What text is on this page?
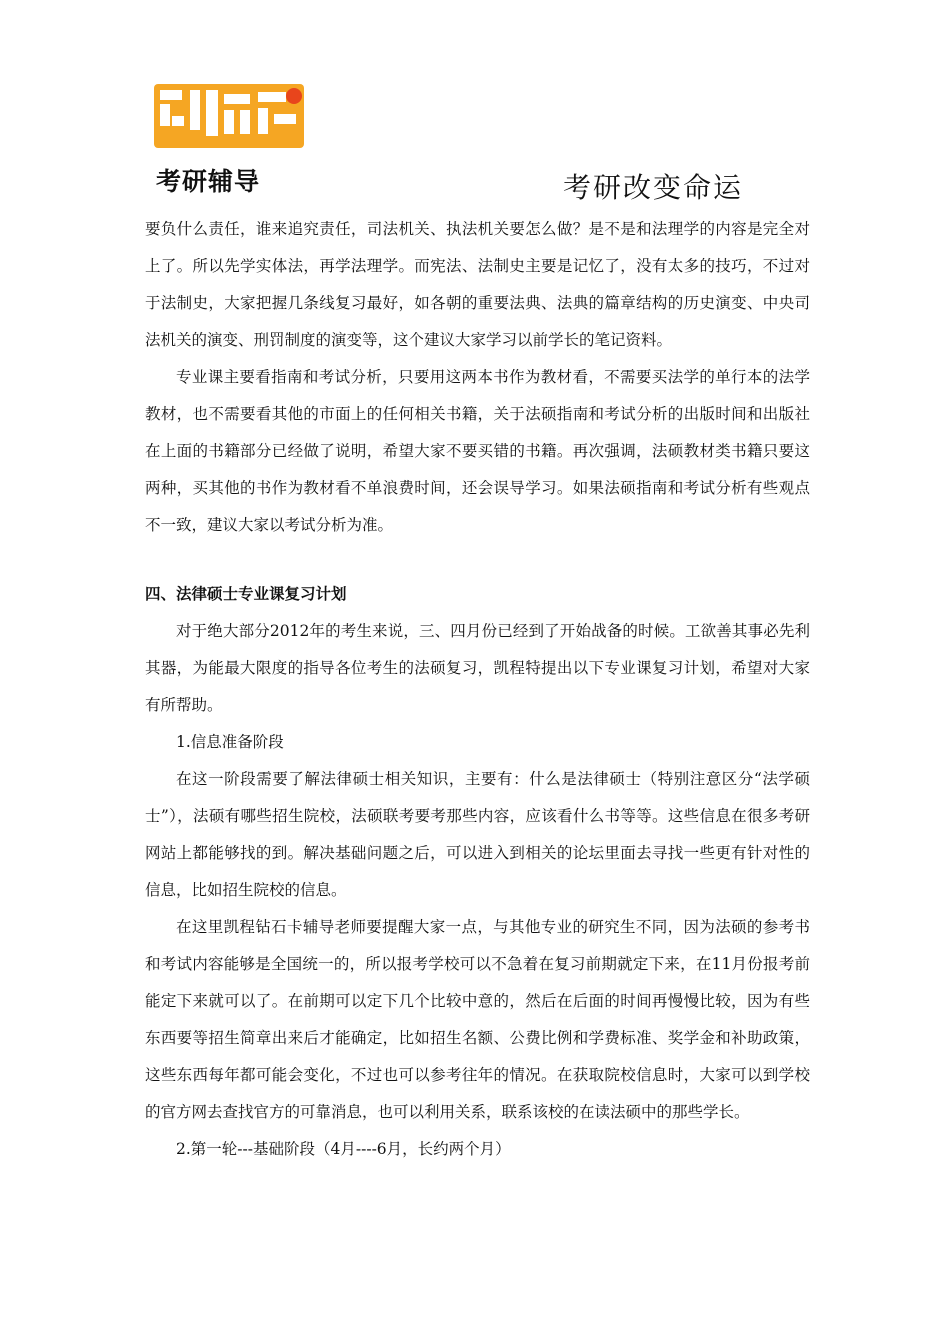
考研辅导	考研改变命运

要负什么责任，谁来追究责任，司法机关、执法机关要怎么做？是不是和法理学的内容是完全对上了。所以先学实体法，再学法理学。而宪法、法制史主要是记忆了，没有太多的技巧，不过对于法制史，大家把握几条线复习最好，如各朝的重要法典、法典的篇章结构的历史演变、中央司法机关的演变、刑罚制度的演变等，这个建议大家学习以前学长的笔记资料。

专业课主要看指南和考试分析，只要用这两本书作为教材看，不需要买法学的单行本的法学教材，也不需要看其他的市面上的任何相关书籍，关于法硕指南和考试分析的出版时间和出版社在上面的书籍部分已经做了说明，希望大家不要买错的书籍。再次强调，法硕教材类书籍只要这两种，买其他的书作为教材看不单浪费时间，还会误导学习。如果法硕指南和考试分析有些观点不一致，建议大家以考试分析为准。

四、法律硕士专业课复习计划

对于绝大部分2012年的考生来说，三、四月份已经到了开始战备的时候。工欲善其事必先利其器，为能最大限度的指导各位考生的法硕复习，凯程特提出以下专业课复习计划，希望对大家有所帮助。

1.信息准备阶段

在这一阶段需要了解法律硕士相关知识，主要有：什么是法律硕士（特别注意区分“法学硕士”），法硕有哪些招生院校，法硕联考要考那些内容，应该看什么书等等。这些信息在很多考研网站上都能够找的到。解决基础问题之后，可以进入到相关的论坛里面去寻找一些更有针对性的信息，比如招生院校的信息。

在这里凯程钻石卡辅导老师要提醒大家一点，与其他专业的研究生不同，因为法硕的参考书和考试内容能够是全国统一的，所以报考学校可以不急着在复习前期就定下来，在11月份报考前能定下来就可以了。在前期可以定下几个比较中意的，然后在后面的时间再慢慢比较，因为有些东西要等招生简章出来后才能确定，比如招生名额、公费比例和学费标准、奖学金和补助政策，这些东西每年都可能会变化，不过也可以参考往年的情况。在获取院校信息时，大家可以到学校的官方网去查找官方的可靠消息，也可以利用关系，联系该校的在读法硕中的那些学长。

2.第一轮---基础阶段（4月----6月，长约两个月）
